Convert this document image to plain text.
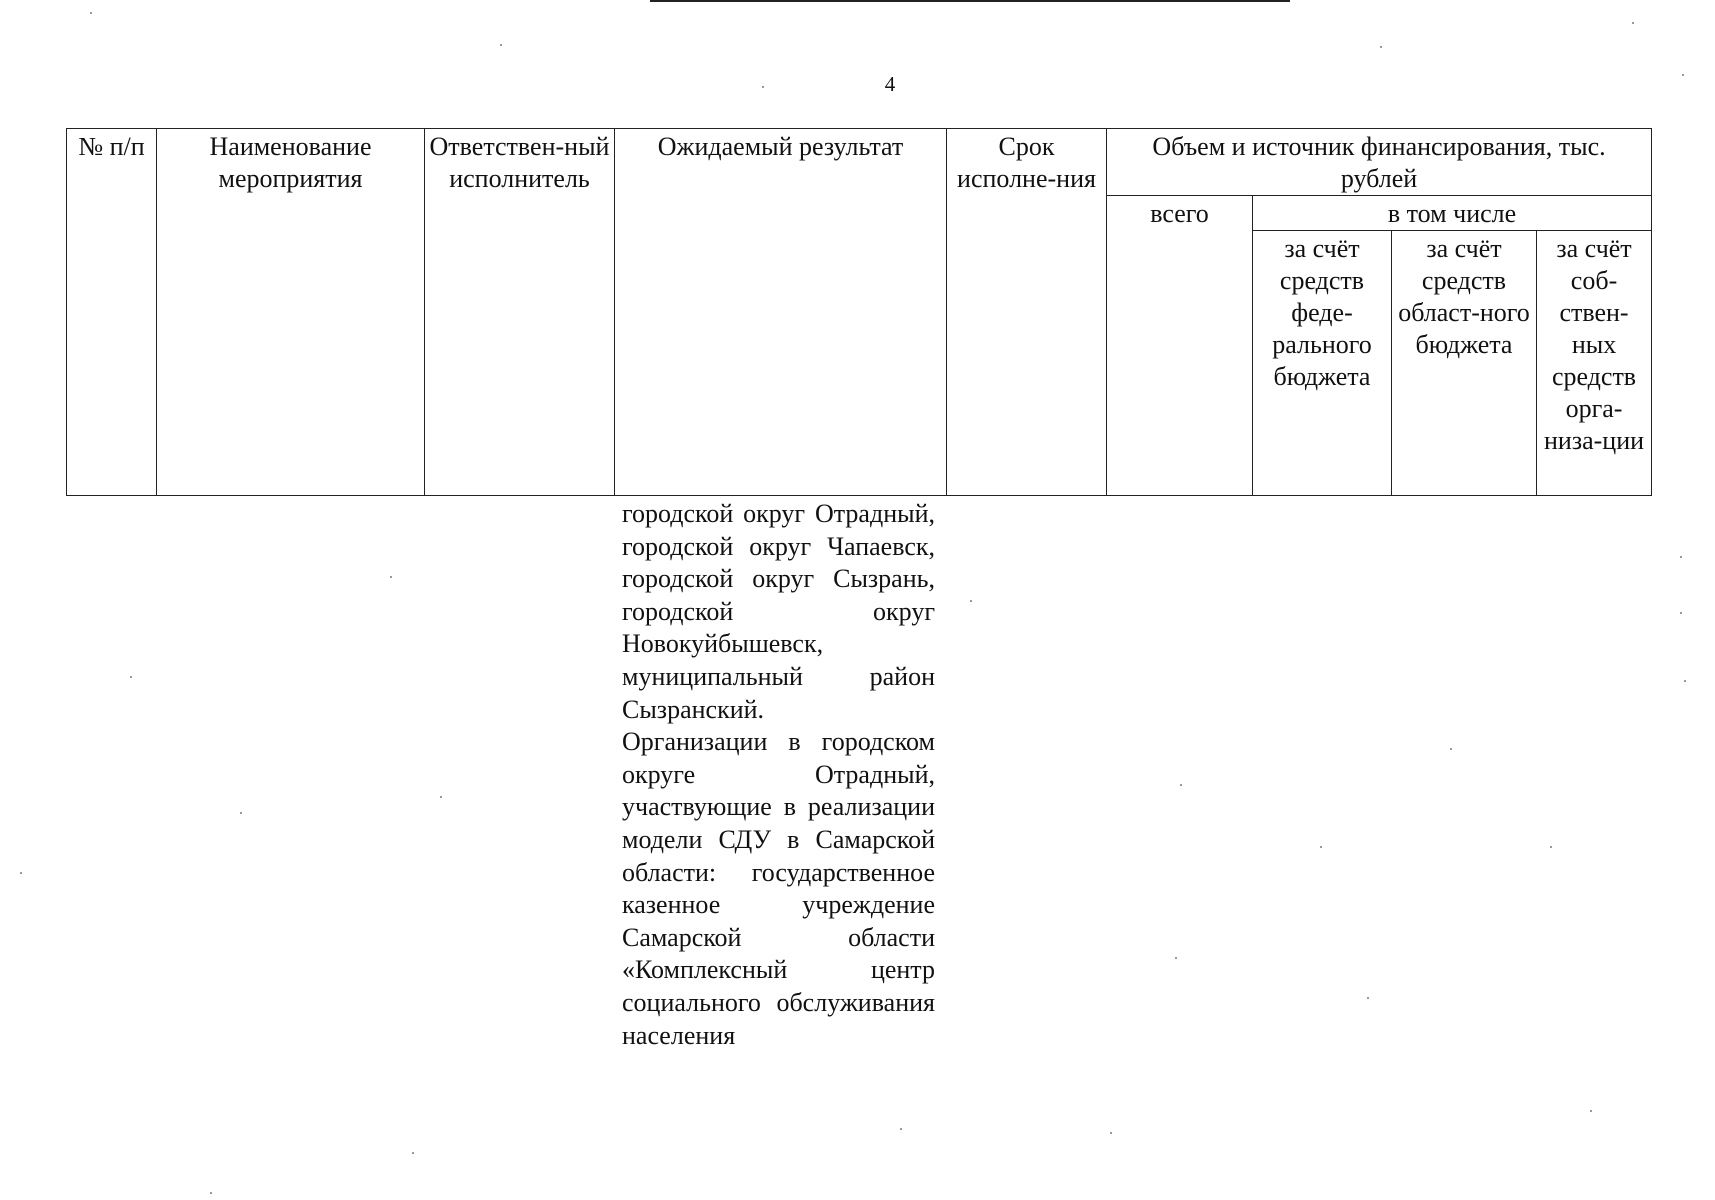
4
№ п/п	Наименование мероприятия	Ответствен-ный исполнитель	Ожидаемый результат	Срок исполне-ния	Объем и источник финансирования, тыс. рублей			
					всего	в том числе		
						за счёт средств феде-рального бюджета	за счёт средств област-ного бюджета	за счёт соб-ствен-ных средств орга-низа-ции

городской округ Отрадный, городской округ Чапаевск, городской округ Сызрань, городской округ Новокуйбышевск, муниципальный район Сызранский.

Организации в городском округе Отрадный, участвующие в реализации модели СДУ в Самарской области: государственное казенное учреждение Самарской области «Комплексный центр социального обслуживания населения
